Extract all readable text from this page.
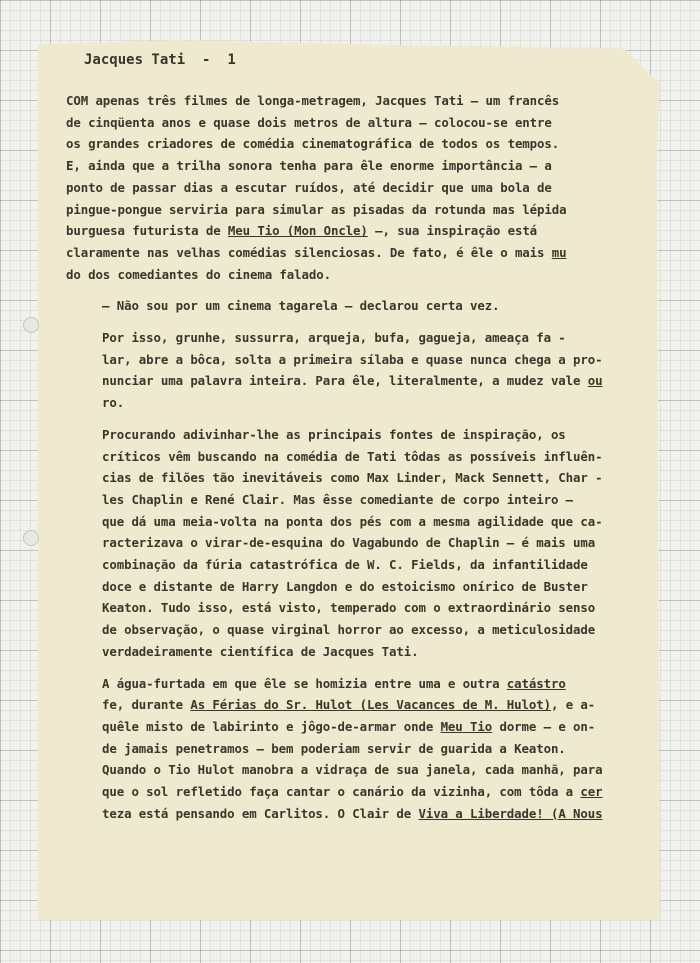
Jacques Tati - 1

COM apenas três filmes de longa-metragem, Jacques Tati — um francês
de cinqüenta anos e quase dois metros de altura — colocou-se entre
os grandes criadores de comédia cinematográfica de todos os tempos.
E, ainda que a trilha sonora tenha para êle enorme importância — a
ponto de passar dias a escutar ruídos, até decidir que uma bola de
pingue-pongue serviria para simular as pisadas da rotunda mas lépida
burguesa futurista de Meu Tio (Mon Oncle) —, sua inspiração está
claramente nas velhas comédias silenciosas. De fato, é êle o mais mu
do dos comediantes do cinema falado.

— Não sou por um cinema tagarela — declarou certa vez.

Por isso, grunhe, sussurra, arqueja, bufa, gagueja, ameaça fa -
lar, abre a bôca, solta a primeira sílaba e quase nunca chega a pro-
nunciar uma palavra inteira. Para êle, literalmente, a mudez vale ou
ro.

Procurando adivinhar-lhe as principais fontes de inspiração, os
críticos vêm buscando na comédia de Tati tôdas as possíveis influên-
cias de filões tão inevitáveis como Max Linder, Mack Sennett, Char -
les Chaplin e René Clair. Mas êsse comediante de corpo inteiro —
que dá uma meia-volta na ponta dos pés com a mesma agilidade que ca-
racterizava o virar-de-esquina do Vagabundo de Chaplin — é mais uma
combinação da fúria catastrófica de W. C. Fields, da infantilidade
doce e distante de Harry Langdon e do estoicismo onírico de Buster
Keaton. Tudo isso, está visto, temperado com o extraordinário senso
de observação, o quase virginal horror ao excesso, a meticulosidade
verdadeiramente científica de Jacques Tati.

A água-furtada em que êle se homizia entre uma e outra catástro
fe, durante As Férias do Sr. Hulot (Les Vacances de M. Hulot), e a-
quêle misto de labirinto e jôgo-de-armar onde Meu Tio dorme — e on-
de jamais penetramos — bem poderiam servir de guarida a Keaton.
Quando o Tio Hulot manobra a vidraça de sua janela, cada manhã, para
que o sol refletido faça cantar o canário da vizinha, com tôda a cer
teza está pensando em Carlitos. O Clair de Viva a Liberdade! (A Nous
